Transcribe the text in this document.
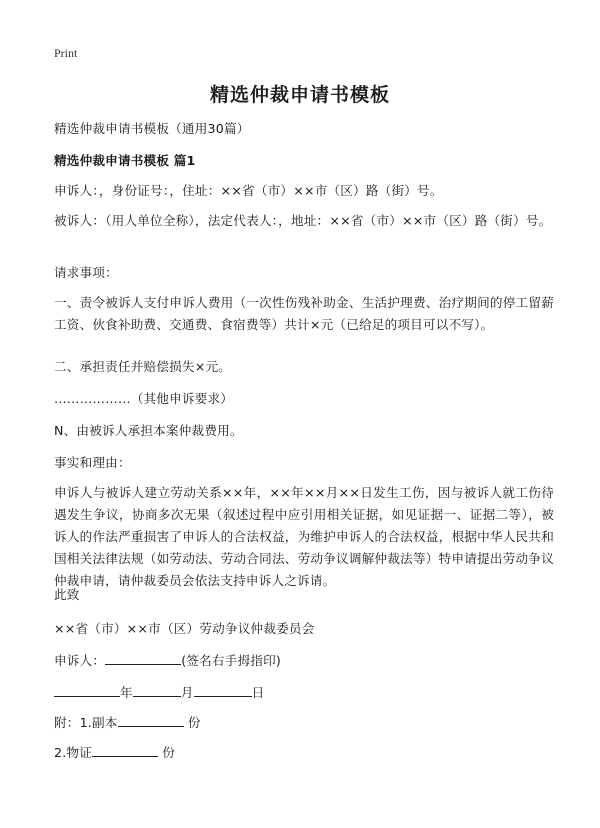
Print
精选仲裁申请书模板
精选仲裁申请书模板（通用30篇）
精选仲裁申请书模板 篇1
申诉人：，身份证号：，住址：××省（市）××市（区）路（街）号。
被诉人：（用人单位全称），法定代表人：，地址：××省（市）××市（区）路（街）号。
请求事项：
一、责令被诉人支付申诉人费用（一次性伤残补助金、生活护理费、治疗期间的停工留薪工资、伙食补助费、交通费、食宿费等）共计×元（已给足的项目可以不写）。
二、承担责任并赔偿损失×元。
………………（其他申诉要求）
N、由被诉人承担本案仲裁费用。
事实和理由：
申诉人与被诉人建立劳动关系××年，××年××月××日发生工伤，因与被诉人就工伤待遇发生争议，协商多次无果（叙述过程中应引用相关证据，如见证据一、证据二等），被诉人的作法严重损害了申诉人的合法权益，为维护申诉人的合法权益，根据中华人民共和国相关法律法规（如劳动法、劳动合同法、劳动争议调解仲裁法等）特申请提出劳动争议仲裁申请，请仲裁委员会依法支持申诉人之诉请。
此致
××省（市）××市（区）劳动争议仲裁委员会
申诉人：	(签名右手拇指印)
年	月	日
附：1.副本	份
2.物证	份
